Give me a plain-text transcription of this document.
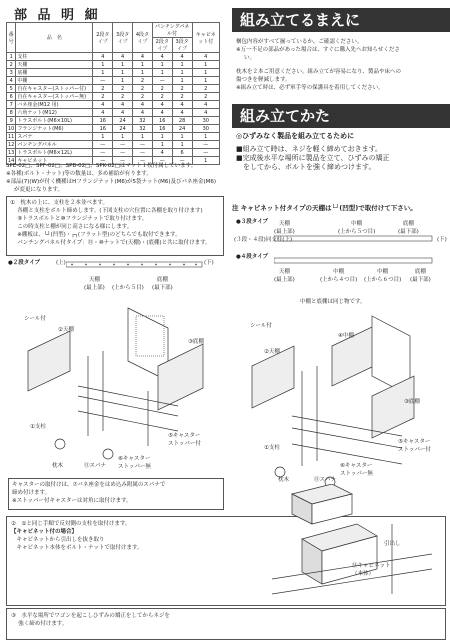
部 品 明 細
番号	品　名	2段タイプ	3段タイプ	4段タイプ	パンチングパネル付		キャビネット付
					2段タイプ	3段タイプ	
1	支柱	4	4	4	4	4	4
2	天棚	1	1	1	1	1	1
3	底棚	1	1	1	1	1	1
4	中棚	—	1	2	—	1	1
5	自在キャスター(ストッパー付)	2	2	2	2	2	2
6	自在キャスター(ストッパー無)	2	2	2	2	2	2
7	バネ座金(M12 用)	4	4	4	4	4	4
8	六角ナット(M12)	4	4	4	4	4	4
9	トラスボルト(M6×10L)	16	24	32	16	28	30
10	フランジナット(M6)	16	24	32	16	24	30
11	スパナ	1	1	1	1	1	1
12	パンチングパネル	—	—	—	1	1	—
13	トラスボルト(M6×12L)	—	—	—	4	6	—
14	キャビネット	—	—	—	—	—	1
SPE-02□、SPF-02□、SPB-02□、SPK-02□はマット１枚付属しています。
※各種(ボルト・ナット)等の数量は、多め補給が有ります。
※部品(7)(W)が付く機種はHフランジナット(M6)が5袋ナット(M6)及びバネ座金(M6)
が変更になります。
①　枕木の上に、支柱を２本並べます。
　 各棚と支柱をボルト締めします。(下図支柱の穴位置に各棚を取り付けます)
　 ⑨トラスボルトと⑩フランジナットで取り付けます。
　 この時支柱と棚が同じ高さになる様にします。
　 ※棚板は、└┘(凹型)・┌┐(フラット型)のどちらでも取付できます。
　 パンチングパネル付タイプ：⑬・⑩ナットで(天棚)・(底棚)と共に取付けます。
●２段タイプ	(上)	(下)
天棚
(最上部)
底棚
(最下部)
(上から５目)
シール付
②天棚
③底棚
①支柱
⑤キャスター
ストッパー付
⑥キャスター
ストッパー無
枕木	⑪スパナ
キャスターの取付けは、⑦バネ座金をはめ込み附属のスパナで
締め付けます。
※ストッパー付キャスターは対角に取付けます。
②　①と同じ手順で反対側の支柱を取付けます。
【キャビネット付の場合】
　キャビネットから引出しを抜き取り
　キャビネット本体をボルト・ナットで取付けます。
③　水平な場所でワゴンを起こしひずみの矯正をしてからネジを
　 強く締め付けます。
組み立てるまえに
梱包内容がすべて揃っているか、ご確認ください。
※万一不足の部品があった場合は、すぐに購入先へお知らせくださ
い。
枕木を２本ご用意ください。組み立てが容易になり、製品や床への
傷つきを軽減します。
※組み立て時は、必ず軍手等の保護具を着用してください。
組み立てかた
◎ひずみなく製品を組み立てるために
■組み立て時は、ネジを軽く締めておきます。
■完成後水平な場所に製品を立て、ひずみの矯正
　をしてから、ボルトを強く締めつけます。
注 キャビネット付タイプの天棚は└┘(凹型)で取付けて下さい。
●３段タイプ
(３段・４段)同支柱(上)	(下)
天棚
(最上部)
中棚
(上から５つ目)
底棚
(最下部)
●４段タイプ
天棚
(最上部)
中棚
(上から４つ目)
中棚
(上から６つ目)
底棚
(最下部)
中棚と底棚は同じ物です。
シール付
②天棚
④中棚
③底棚
①支柱
⑤キャスター
ストッパー付
⑥キャスター
ストッパー無
枕木	⑪スパナ
引出し
⑭キャビネット
（本体）
